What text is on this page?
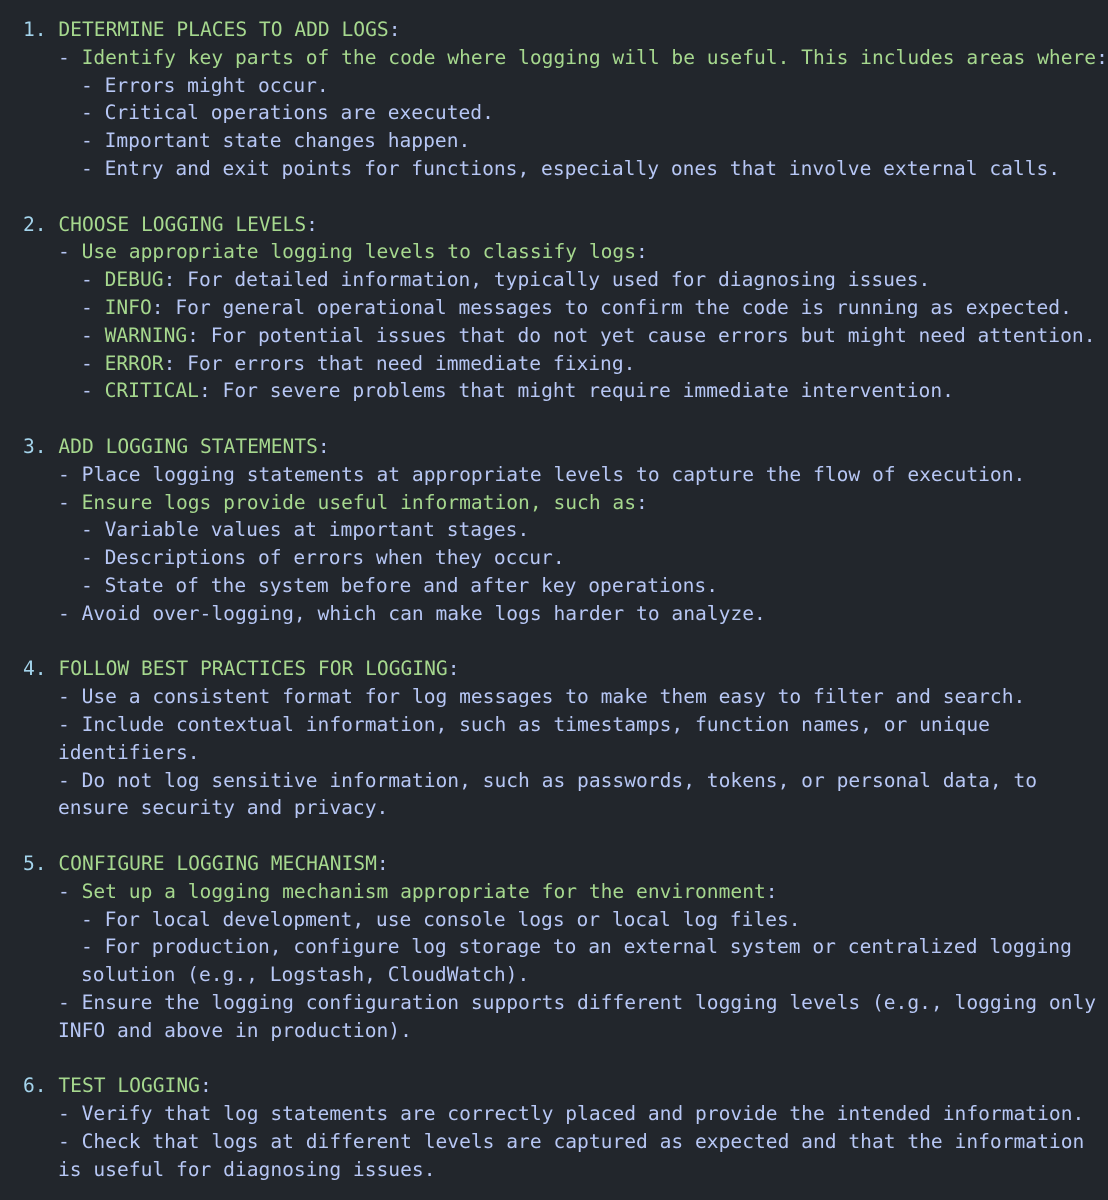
1. DETERMINE PLACES TO ADD LOGS:
- Identify key parts of the code where logging will be useful. This includes areas where:
- Errors might occur.
- Critical operations are executed.
- Important state changes happen.
- Entry and exit points for functions, especially ones that involve external calls.
2. CHOOSE LOGGING LEVELS:
- Use appropriate logging levels to classify logs:
- DEBUG: For detailed information, typically used for diagnosing issues.
- INFO: For general operational messages to confirm the code is running as expected.
- WARNING: For potential issues that do not yet cause errors but might need attention.
- ERROR: For errors that need immediate fixing.
- CRITICAL: For severe problems that might require immediate intervention.
3. ADD LOGGING STATEMENTS:
- Place logging statements at appropriate levels to capture the flow of execution.
- Ensure logs provide useful information, such as:
- Variable values at important stages.
- Descriptions of errors when they occur.
- State of the system before and after key operations.
- Avoid over-logging, which can make logs harder to analyze.
4. FOLLOW BEST PRACTICES FOR LOGGING:
- Use a consistent format for log messages to make them easy to filter and search.
- Include contextual information, such as timestamps, function names, or unique
identifiers.
- Do not log sensitive information, such as passwords, tokens, or personal data, to
ensure security and privacy.
5. CONFIGURE LOGGING MECHANISM:
- Set up a logging mechanism appropriate for the environment:
- For local development, use console logs or local log files.
- For production, configure log storage to an external system or centralized logging
solution (e.g., Logstash, CloudWatch).
- Ensure the logging configuration supports different logging levels (e.g., logging only
INFO and above in production).
6. TEST LOGGING:
- Verify that log statements are correctly placed and provide the intended information.
- Check that logs at different levels are captured as expected and that the information
is useful for diagnosing issues.
